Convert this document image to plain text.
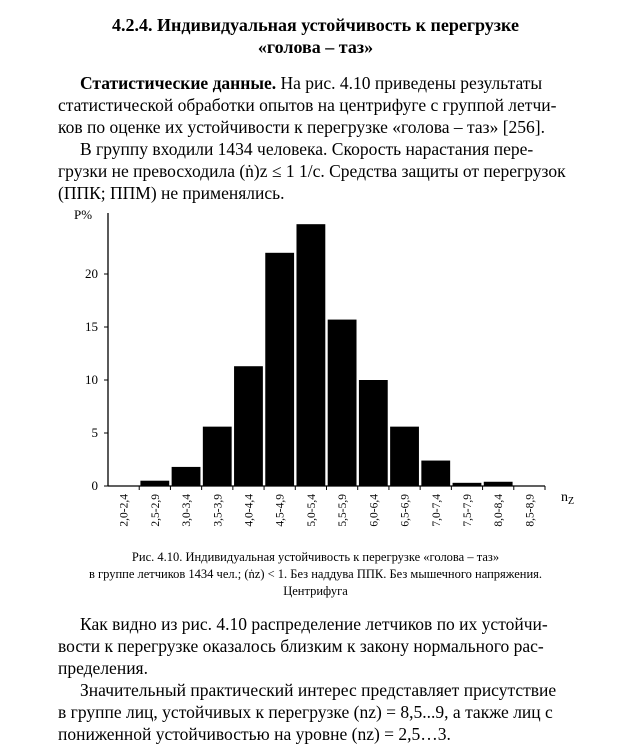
4.2.4. Индивидуальная устойчивость к перегрузке
«голова – таз»
Статистические данные. На рис. 4.10 приведены результаты
статистической обработки опытов на центрифуге с группой летчи-
ков по оценке их устойчивости к перегрузке «голова – таз» [256].
В группу входили 1434 человека. Скорость нарастания пере-
грузки не превосходила (ṅ)z ≤ 1 1/с. Средства защиты от перегрузок
(ППК; ППМ) не применялись.
P%
0
5
10
15
20
2,0-2,4 2,5-2,9 3,0-3,4 3,5-3,9 4,0-4,4 4,5-4,9 5,0-5,4 5,5-5,9 6,0-6,4 6,5-6,9 7,0-7,4 7,5-7,9 8,0-8,4 8,5-8,9 $n_Z$
Рис. 4.10. Индивидуальная устойчивость к перегрузке «голова – таз»
в группе летчиков 1434 чел.; (ṅz) < 1. Без наддува ППК. Без мышечного напряжения.
Центрифуга
Как видно из рис. 4.10 распределение летчиков по их устойчи-
вости к перегрузке оказалось близким к закону нормального рас-
пределения.
Значительный практический интерес представляет присутствие
в группе лиц, устойчивых к перегрузке (nz) = 8,5...9, а также лиц с
пониженной устойчивостью на уровне (nz) = 2,5…3.
